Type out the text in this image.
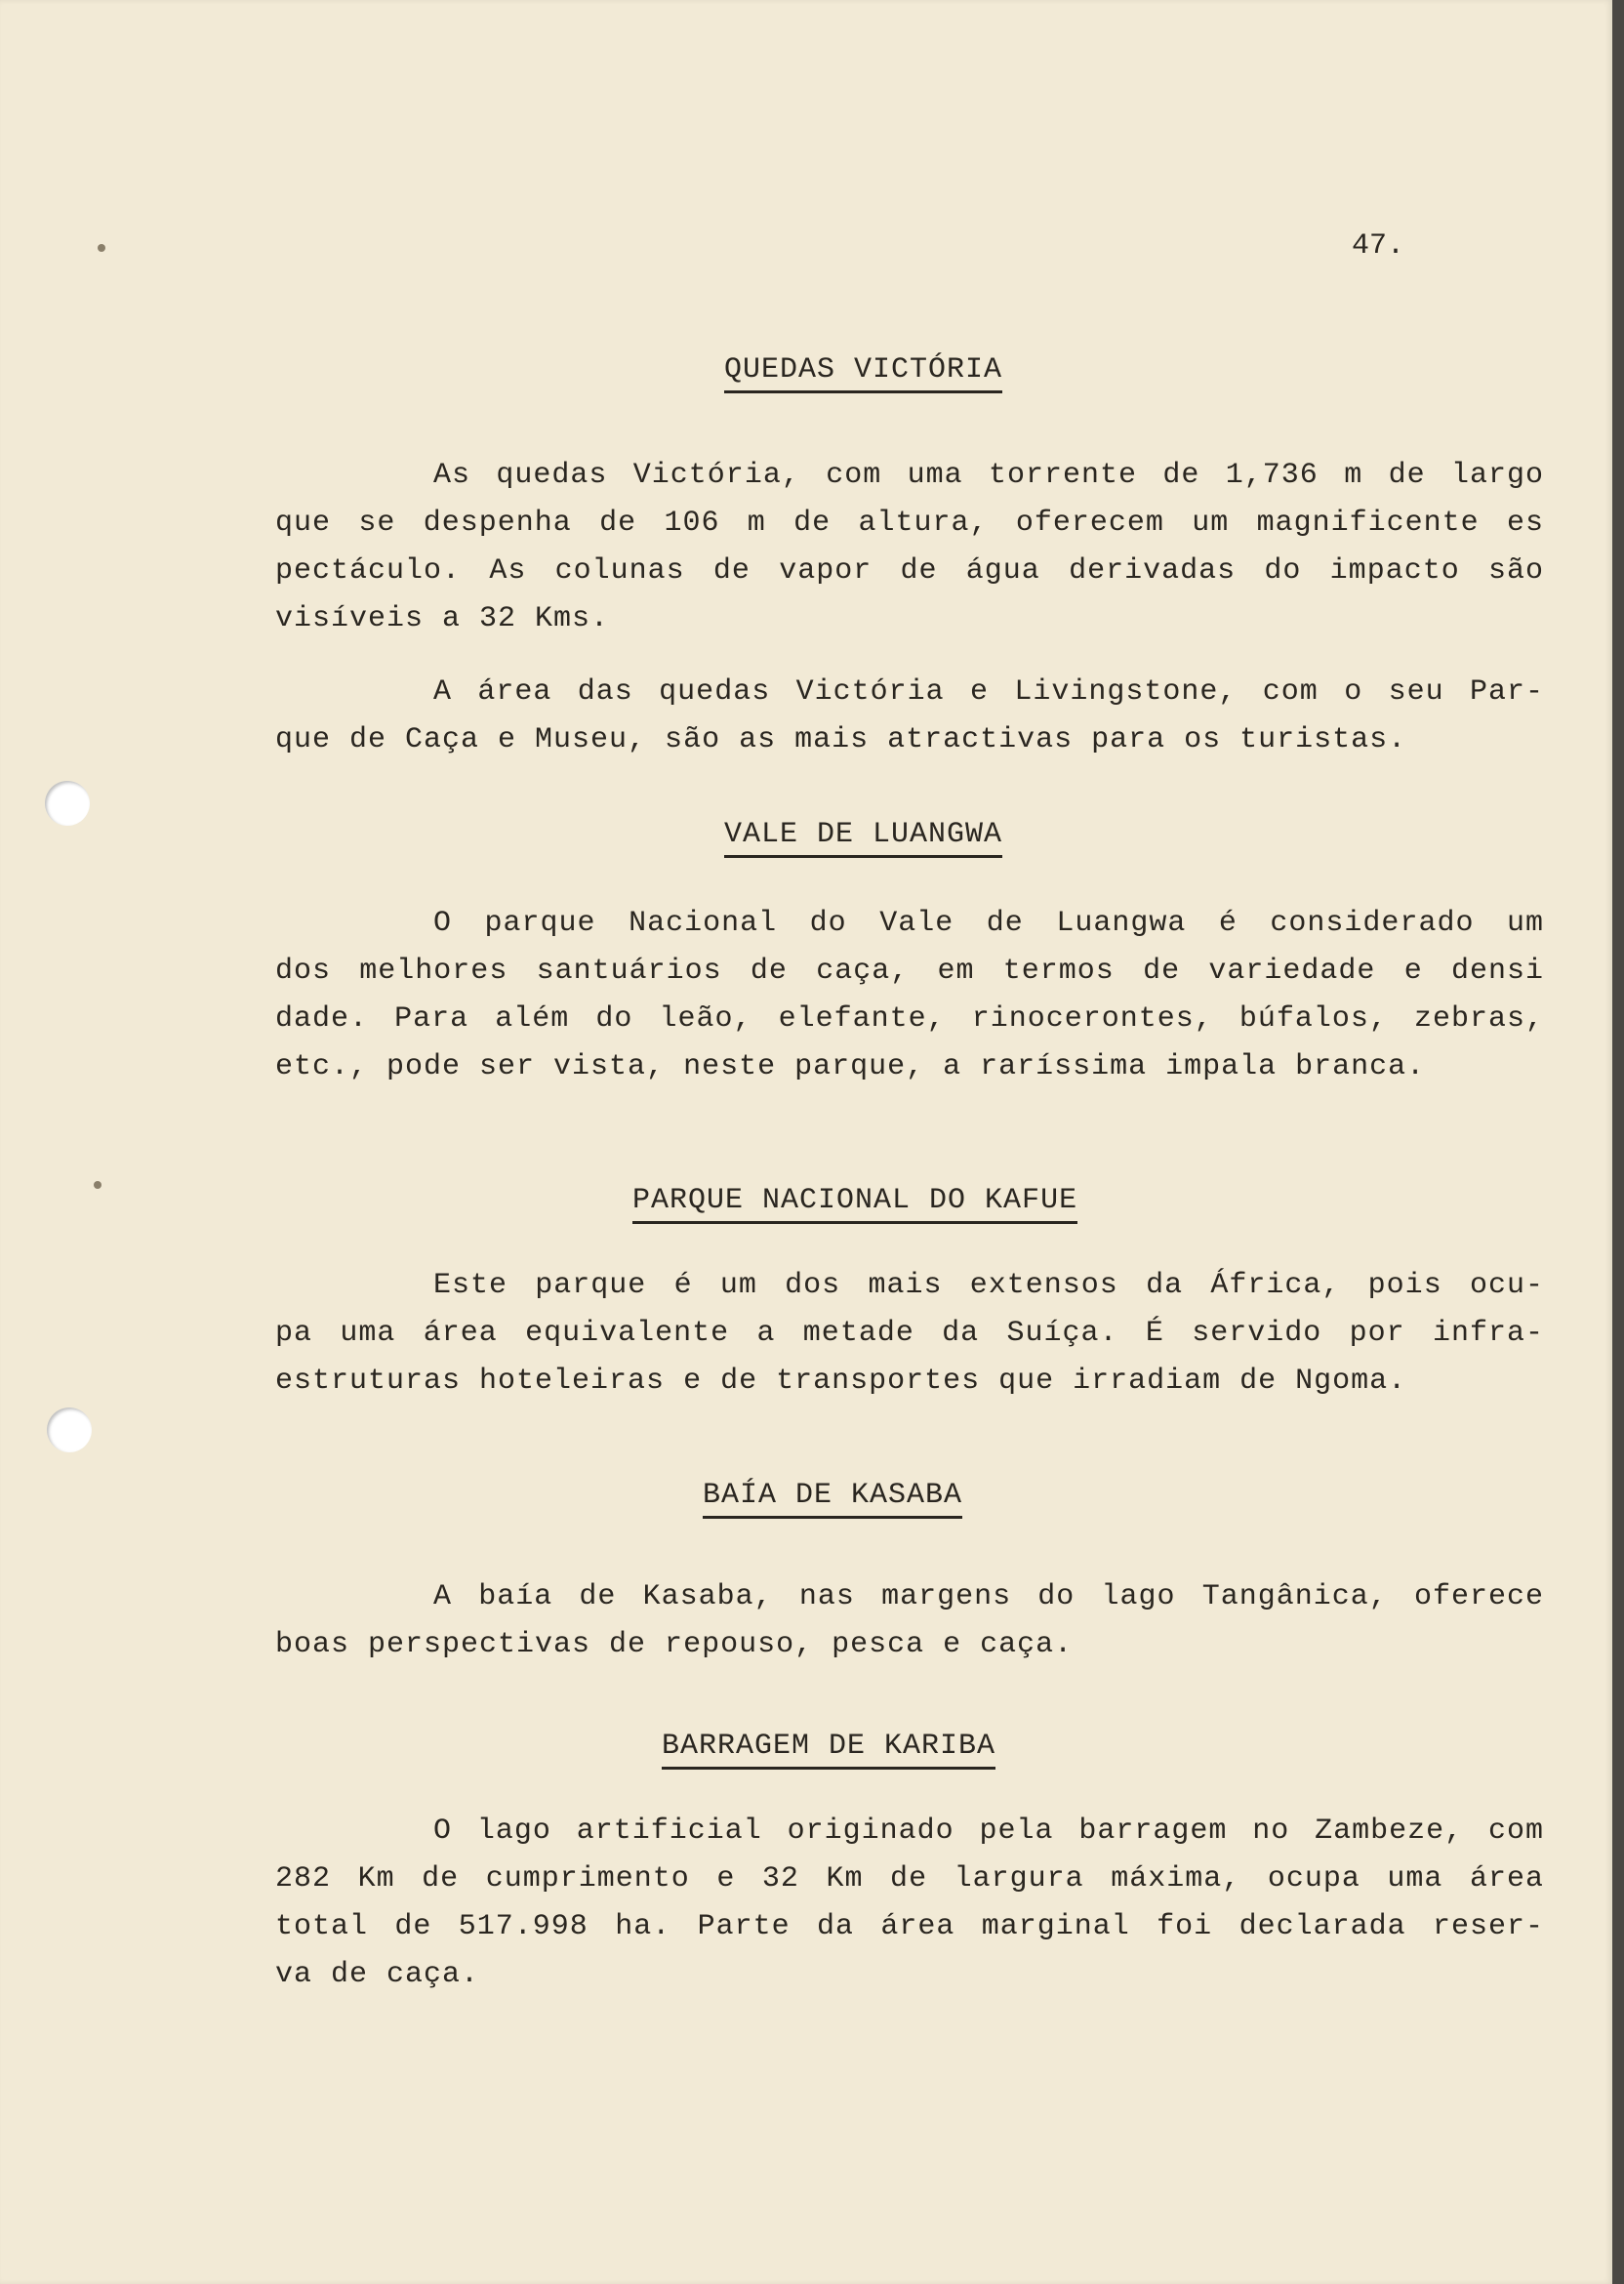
47.
QUEDAS VICTÓRIA
As quedas Victória, com uma torrente de 1,736 m de largo
que se despenha de 106 m de altura, oferecem um magnificente es
pectáculo. As colunas de vapor de água derivadas do impacto são
visíveis a 32 Kms.
A área das quedas Victória e Livingstone, com o seu Par-
que de Caça e Museu, são as mais atractivas para os turistas.
VALE DE LUANGWA
O parque Nacional do Vale de Luangwa é considerado um
dos melhores santuários de caça, em termos de variedade e densi
dade. Para além do leão, elefante, rinocerontes, búfalos, zebras,
etc., pode ser vista, neste parque, a raríssima impala branca.
PARQUE NACIONAL DO KAFUE
Este parque é um dos mais extensos da África, pois ocu-
pa uma área equivalente a metade da Suíça. É servido por infra-
estruturas hoteleiras e de transportes que irradiam de Ngoma.
BAÍA DE KASABA
A baía de Kasaba, nas margens do lago Tangânica, oferece
boas perspectivas de repouso, pesca e caça.
BARRAGEM DE KARIBA
O lago artificial originado pela barragem no Zambeze, com
282 Km de cumprimento e 32 Km de largura máxima, ocupa uma área
total de 517.998 ha. Parte da área marginal foi declarada reser-
va de caça.
